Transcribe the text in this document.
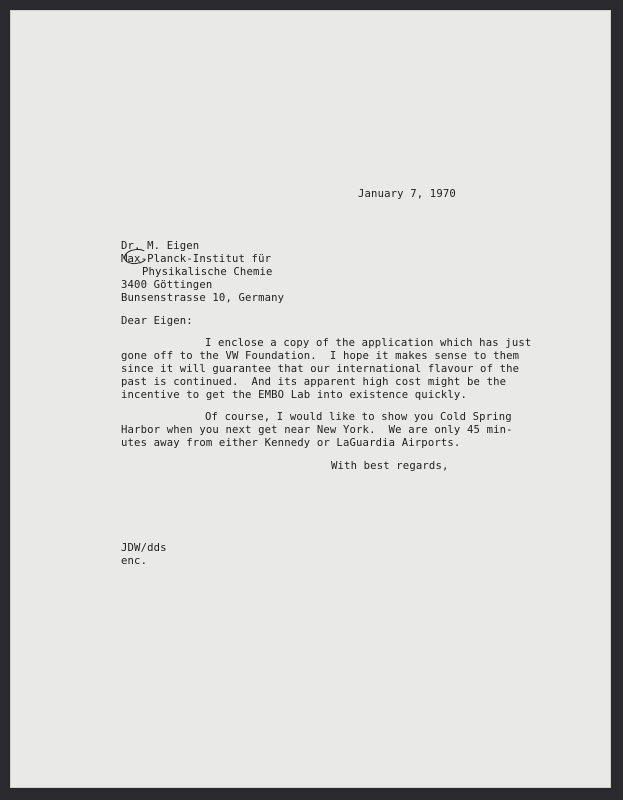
January 7, 1970
Dr. M. Eigen
Max-Planck-Institut für
Physikalische Chemie
3400 Göttingen
Bunsenstrasse 10, Germany
Dear Eigen:
I enclose a copy of the application which has just
gone off to the VW Foundation.  I hope it makes sense to them
since it will guarantee that our international flavour of the
past is continued.  And its apparent high cost might be the
incentive to get the EMBO Lab into existence quickly.
Of course, I would like to show you Cold Spring
Harbor when you next get near New York.  We are only 45 min-
utes away from either Kennedy or LaGuardia Airports.
With best regards,
JDW/dds
enc.
